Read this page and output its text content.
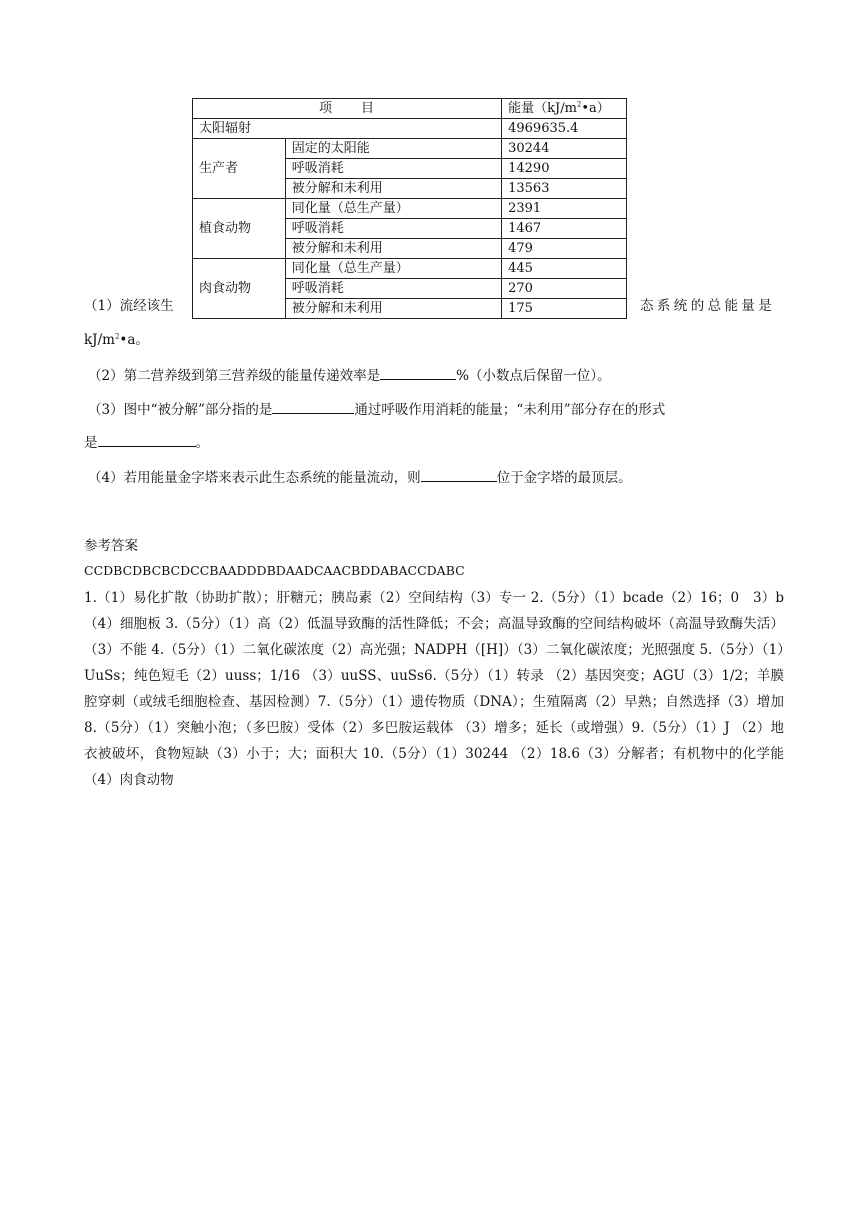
项　　目		能量$(kJ/m^2•a)$
太阳辐射		4969635.4
生产者	固定的太阳能	30244
	呼吸消耗	14290
	被分解和未利用	13563
植食动物	同化量（总生产量）	2391
	呼吸消耗	1467
	被分解和未利用	479
肉食动物	同化量（总生产量）	445
	呼吸消耗	270
	被分解和未利用	175
（1）流经该生	态系统的总能量是
$kJ/m^2•a$。
（2）第二营养级到第三营养级的能量传递效率是	%（小数点后保留一位）。
（3）图中“被分解”部分指的是	通过呼吸作用消耗的能量；“未利用”部分存在的形式
是	。
（4）若用能量金字塔来表示此生态系统的能量流动，则	位于金字塔的最顶层。
参考答案
CCDBCDBCBCDCCBAADDDBDAADCAACBDDABACCDABC
1.（1）易化扩散（协助扩散）；肝糖元；胰岛素（2）空间结构（3）专一 2.（5分）（1）bcade（2）16；0　3）b（4）细胞板 3.（5分）（1）高（2）低温导致酶的活性降低；不会；高温导致酶的空间结构破坏（高温导致酶失活）（3）不能 4.（5分）（1）二氧化碳浓度（2）高光强；NADPH（[H]）（3）二氧化碳浓度；光照强度 5.（5分）（1）UuSs；纯色短毛（2）uuss；1/16 （3）uuSS、uuSs6.（5分）（1）转录 （2）基因突变；AGU（3）1/2；羊膜腔穿刺（或绒毛细胞检查、基因检测）7.（5分）（1）遗传物质（DNA）；生殖隔离（2）早熟；自然选择（3）增加 8.（5分）（1）突触小泡；（多巴胺）受体（2）多巴胺运载体 （3）增多；延长（或增强）9.（5分）（1）J （2）地衣被破坏，食物短缺（3）小于；大；面积大 10.（5分）（1）30244 （2）18.6（3）分解者；有机物中的化学能（4）肉食动物
